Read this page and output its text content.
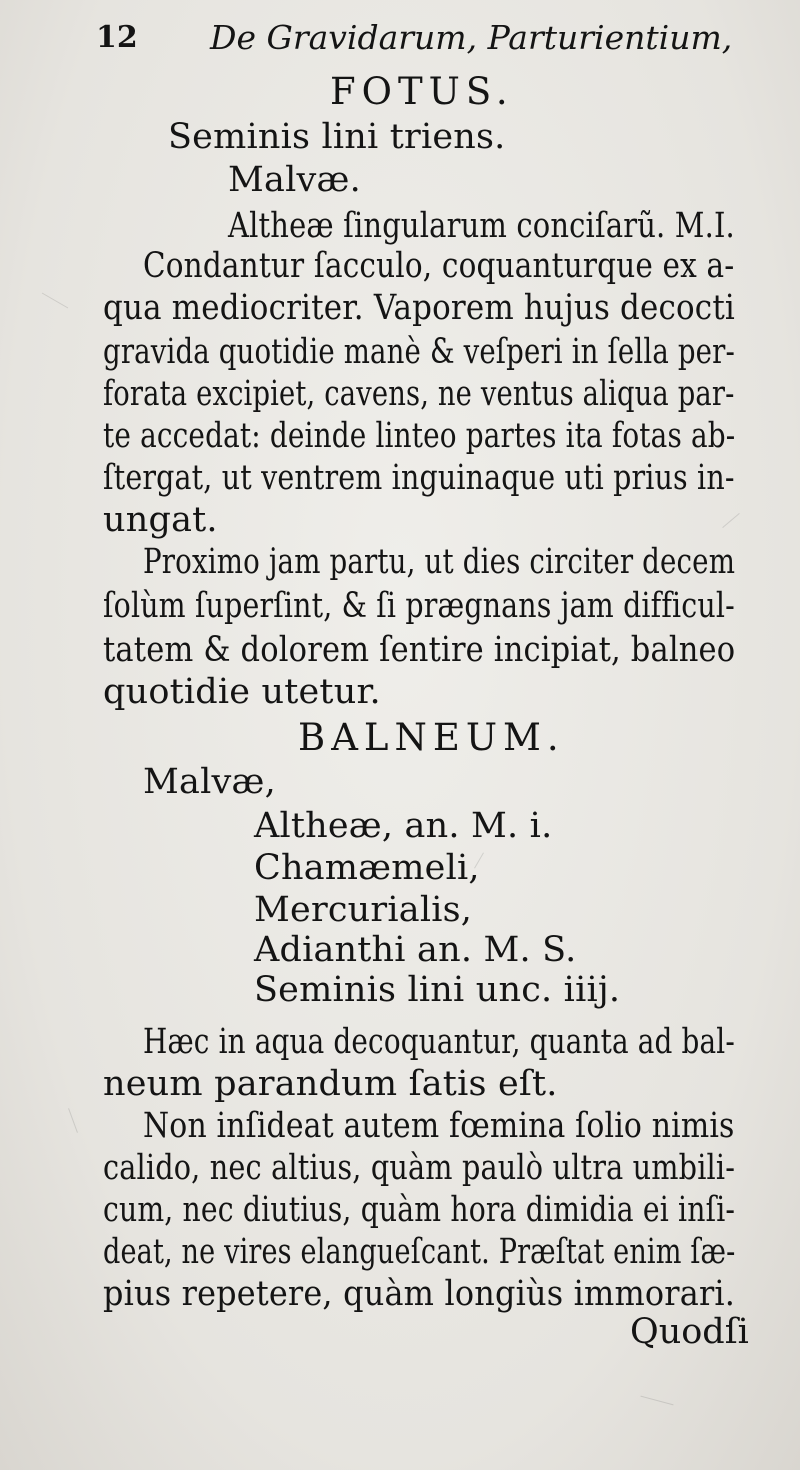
12 De Gravidarum, Parturientium,
FOTUS.
Seminis lini triens.
Malvæ.
Altheæ ſingularum conciſarũ. M.I.
Condantur ſacculo, coquanturque ex a-
qua mediocriter. Vaporem hujus decocti
gravida quotidie manè & veſperi in ſella per-
forata excipiet, cavens, ne ventus aliqua par-
te accedat: deinde linteo partes ita fotas ab-
ſtergat, ut ventrem inguinaque uti prius in-
ungat.
Proximo jam partu, ut dies circiter decem
ſolùm ſuperſint, & ſi prægnans jam difficul-
tatem & dolorem ſentire incipiat, balneo
quotidie utetur.
BALNEUM.
Malvæ,
Altheæ, an. M. i.
Chamæmeli,
Mercurialis,
Adianthi an. M. S.
Seminis lini unc. iiij.
Hæc in aqua decoquantur, quanta ad bal-
neum parandum ſatis eſt.
Non inſideat autem fœmina ſolio nimis
calido, nec altius, quàm paulò ultra umbili-
cum, nec diutius, quàm hora dimidia ei inſi-
deat, ne vires elangueſcant. Præſtat enim ſæ-
pius repetere, quàm longiùs immorari.
Quodſi
